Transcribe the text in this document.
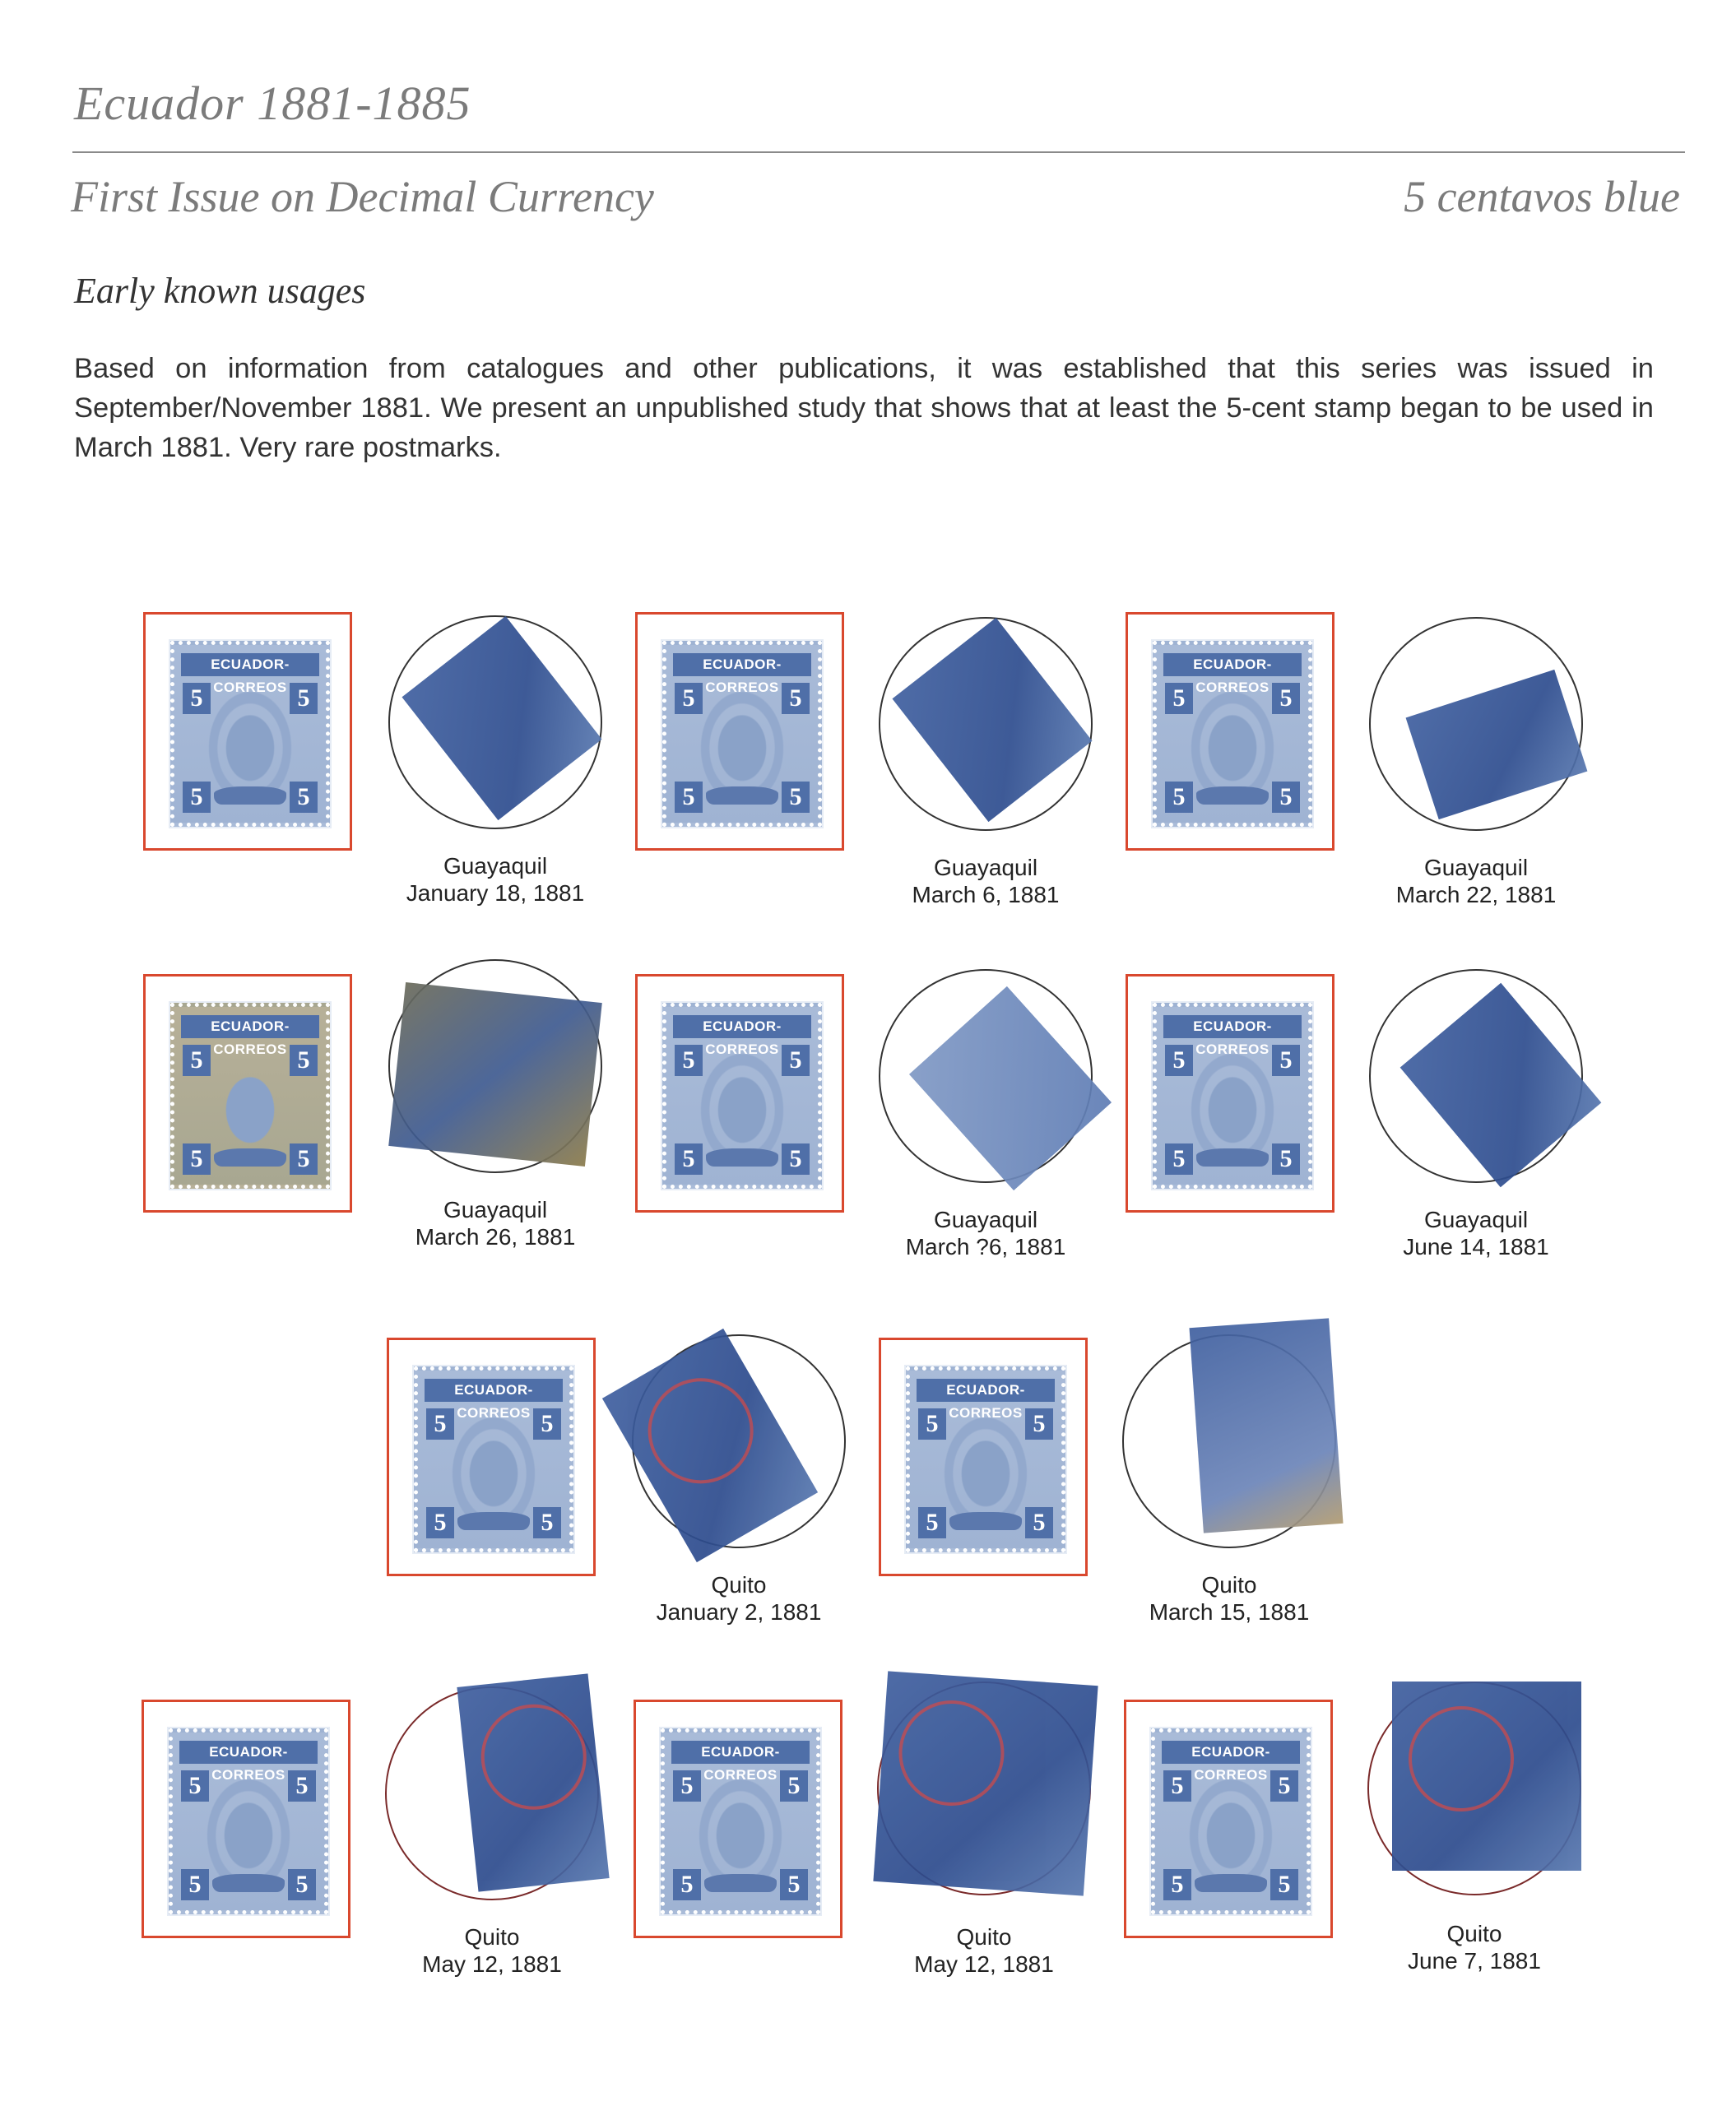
Ecuador 1881-1885
First Issue on Decimal Currency	5 centavos blue
Early known usages

Based on information from catalogues and other publications, it was established that this series was issued in September/November 1881. We present an unpublished study that shows that at least the 5-cent stamp began to be used in March 1881. Very rare postmarks.

ECUADOR-CORREOS
5	5
5	5
Guayaquil
January 18, 1881
ECUADOR-CORREOS
5	5
5	5
Guayaquil
March 6, 1881
ECUADOR-CORREOS
5	5
5	5
Guayaquil
March 22, 1881
ECUADOR-CORREOS
5	5
5	5
Guayaquil
March 26, 1881
ECUADOR-CORREOS
5	5
5	5
Guayaquil
March ?6, 1881
ECUADOR-CORREOS
5	5
5	5
Guayaquil
June 14, 1881
ECUADOR-CORREOS
5	5
5	5
Quito
January 2, 1881
ECUADOR-CORREOS
5	5
5	5
Quito
March 15, 1881
ECUADOR-CORREOS
5	5
5	5
Quito
May 12, 1881
ECUADOR-CORREOS
5	5
5	5
Quito
May 12, 1881
ECUADOR-CORREOS
5	5
5	5
Quito
June 7, 1881
